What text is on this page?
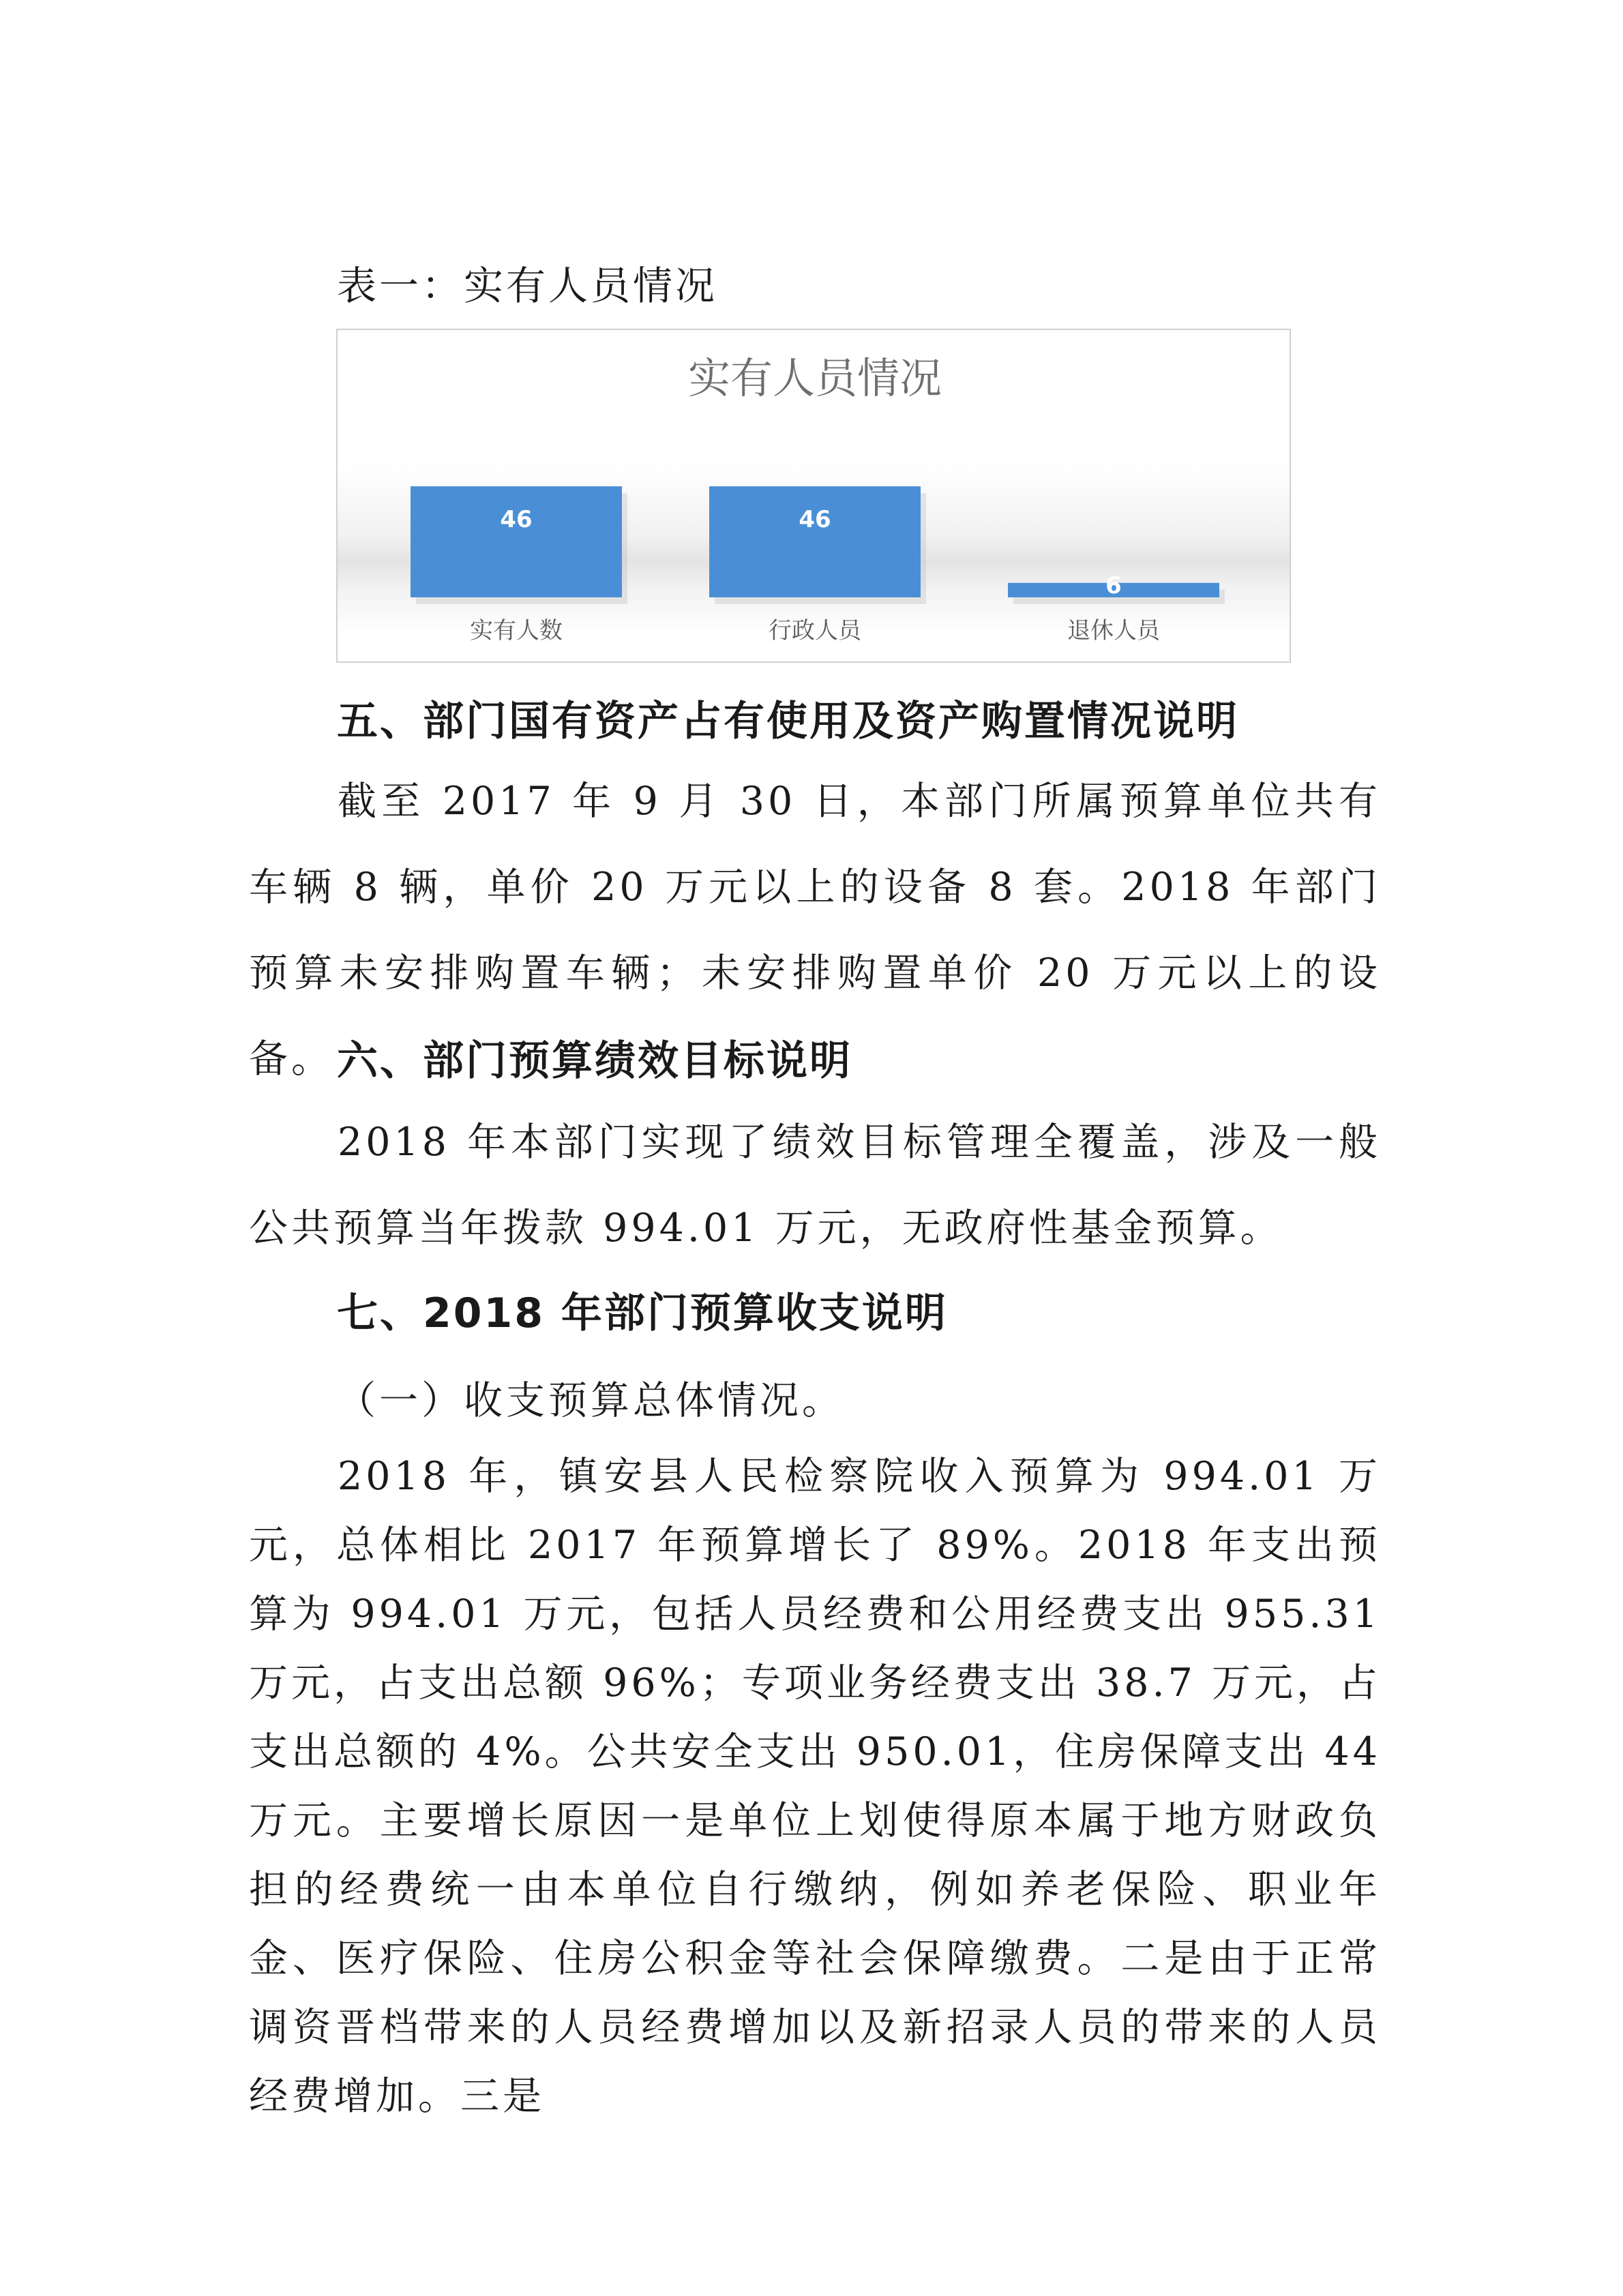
表一：实有人员情况
实有人员情况
46
实有人数
46
行政人员
6
退休人员
五、部门国有资产占有使用及资产购置情况说明

截至 2017 年 9 月 30 日，本部门所属预算单位共有车辆 8 辆，单价 20 万元以上的设备 8 套。2018 年部门预算未安排购置车辆；未安排购置单价 20 万元以上的设备。 六、部门预算绩效目标说明

2018 年本部门实现了绩效目标管理全覆盖，涉及一般公共预算当年拨款 994.01 万元，无政府性基金预算。

七、2018 年部门预算收支说明
（一）收支预算总体情况。

2018 年，镇安县人民检察院收入预算为 994.01 万元，总体相比 2017 年预算增长了 89%。2018 年支出预算为 994.01 万元，包括人员经费和公用经费支出 955.31 万元，占支出总额 96%；专项业务经费支出 38.7 万元，占支出总额的 4%。公共安全支出 950.01，住房保障支出 44 万元。主要增长原因一是单位上划使得原本属于地方财政负担的经费统一由本单位自行缴纳，例如养老保险、职业年金、医疗保险、住房公积金等社会保障缴费。二是由于正常调资晋档带来的人员经费增加以及新招录人员的带来的人员经费增加。三是
